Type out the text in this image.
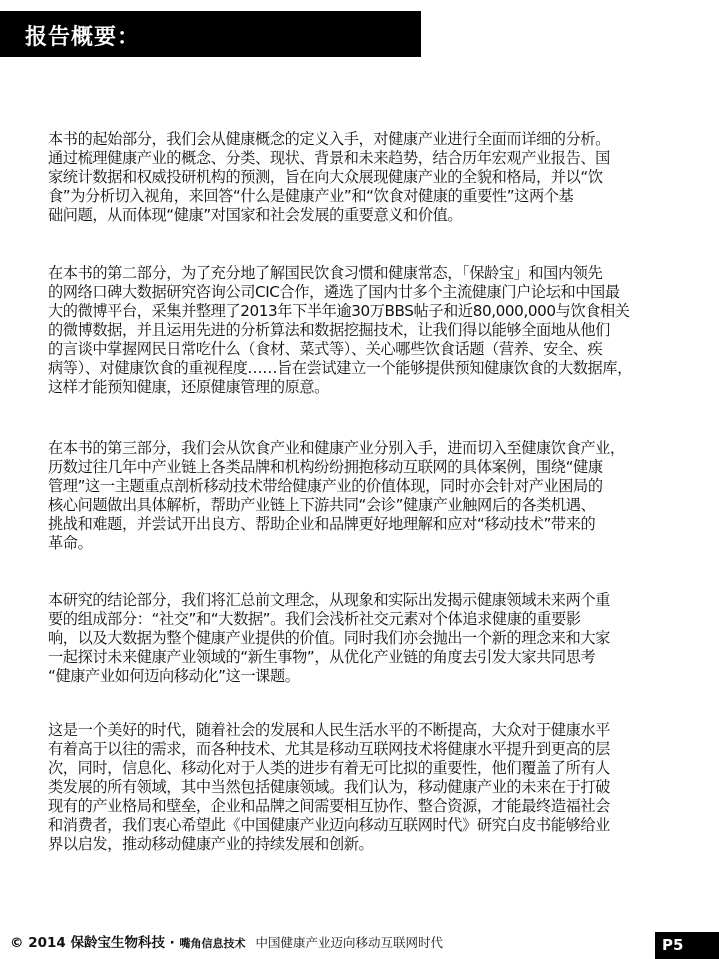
报告概要：
本书的起始部分，我们会从健康概念的定义入手，对健康产业进行全面而详细的分析。
通过梳理健康产业的概念、分类、现状、背景和未来趋势，结合历年宏观产业报告、国
家统计数据和权威投研机构的预测，旨在向大众展现健康产业的全貌和格局，并以“饮
食”为分析切入视角，来回答“什么是健康产业”和“饮食对健康的重要性”这两个基
础问题，从而体现“健康”对国家和社会发展的重要意义和价值。
在本书的第二部分，为了充分地了解国民饮食习惯和健康常态，「保龄宝」和国内领先
的网络口碑大数据研究咨询公司CIC合作，遴选了国内廿多个主流健康门户论坛和中国最
大的微博平台，采集并整理了2013年下半年逾30万BBS帖子和近80,000,000与饮食相关
的微博数据，并且运用先进的分析算法和数据挖掘技术，让我们得以能够全面地从他们
的言谈中掌握网民日常吃什么（食材、菜式等）、关心哪些饮食话题（营养、安全、疾
病等）、对健康饮食的重视程度……旨在尝试建立一个能够提供预知健康饮食的大数据库，
这样才能预知健康，还原健康管理的原意。
在本书的第三部分，我们会从饮食产业和健康产业分别入手，进而切入至健康饮食产业，
历数过往几年中产业链上各类品牌和机构纷纷拥抱移动互联网的具体案例，围绕“健康
管理”这一主题重点剖析移动技术带给健康产业的价值体现，同时亦会针对产业困局的
核心问题做出具体解析，帮助产业链上下游共同“会诊”健康产业触网后的各类机遇、
挑战和难题，并尝试开出良方、帮助企业和品牌更好地理解和应对“移动技术”带来的
革命。
本研究的结论部分，我们将汇总前文理念，从现象和实际出发揭示健康领域未来两个重
要的组成部分：“社交”和“大数据”。我们会浅析社交元素对个体追求健康的重要影
响，以及大数据为整个健康产业提供的价值。同时我们亦会抛出一个新的理念来和大家
一起探讨未来健康产业领域的“新生事物”，从优化产业链的角度去引发大家共同思考
“健康产业如何迈向移动化”这一课题。
这是一个美好的时代，随着社会的发展和人民生活水平的不断提高，大众对于健康水平
有着高于以往的需求，而各种技术、尤其是移动互联网技术将健康水平提升到更高的层
次，同时，信息化、移动化对于人类的进步有着无可比拟的重要性，他们覆盖了所有人
类发展的所有领域，其中当然包括健康领域。我们认为，移动健康产业的未来在于打破
现有的产业格局和壁垒，企业和品牌之间需要相互协作、整合资源，才能最终造福社会
和消费者，我们衷心希望此《中国健康产业迈向移动互联网时代》研究白皮书能够给业
界以启发，推动移动健康产业的持续发展和创新。
© 2014 保龄宝生物科技 · 嘴角信息技术 中国健康产业迈向移动互联网时代	P5
